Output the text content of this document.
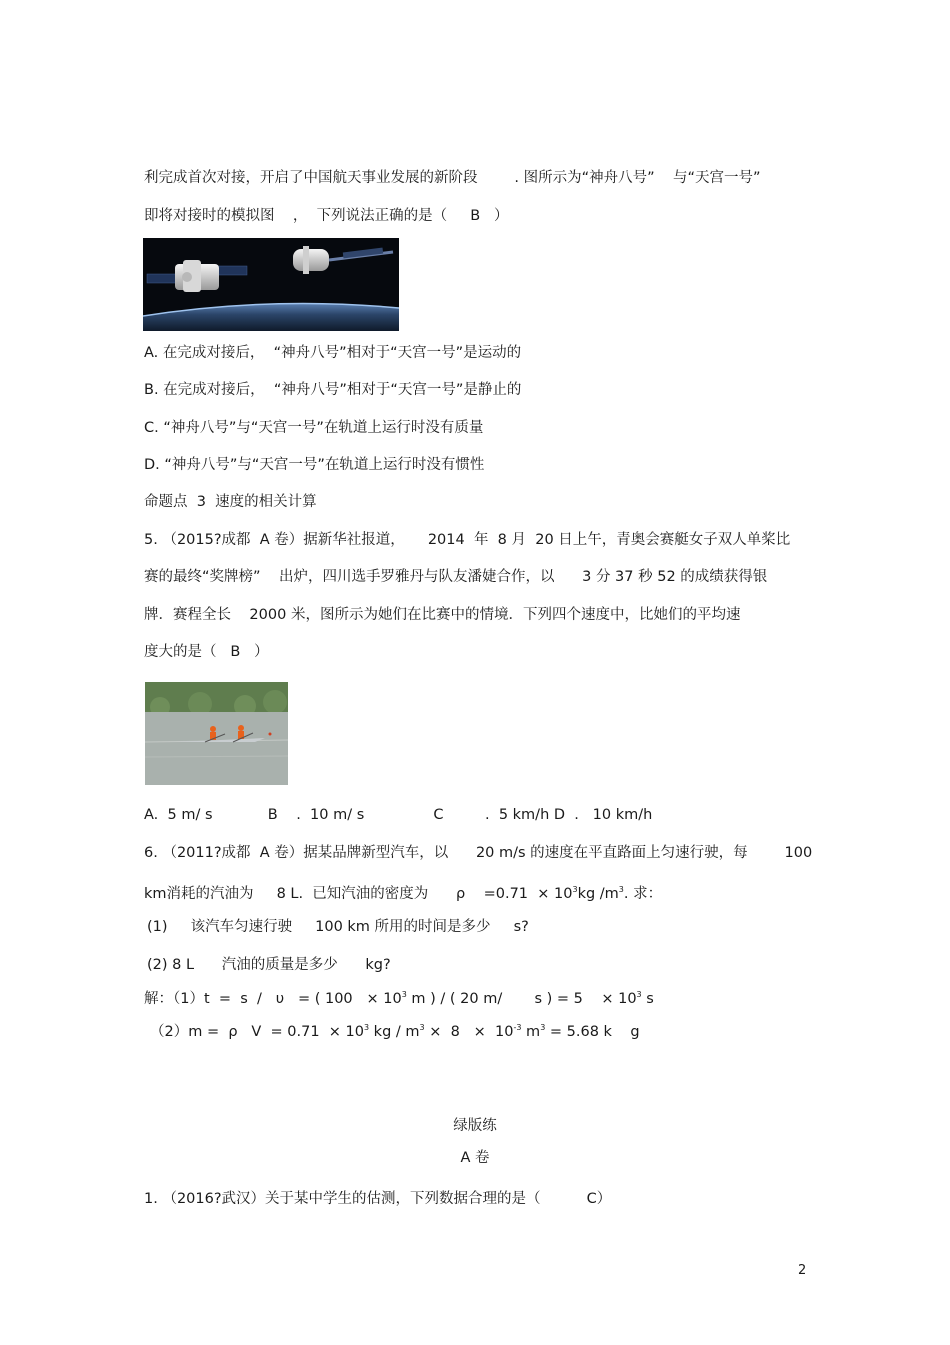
利完成首次对接，开启了中国航天事业发展的新阶段        . 图所示为“神舟八号”    与“天宫一号”
即将对接时的模拟图    ，  下列说法正确的是（     B   ）
A. 在完成对接后，  “神舟八号”相对于“天宫一号”是运动的
B. 在完成对接后，  “神舟八号”相对于“天宫一号”是静止的
C. “神舟八号”与“天宫一号”在轨道上运行时没有质量
D. “神舟八号”与“天宫一号”在轨道上运行时没有惯性
命题点  3  速度的相关计算
5. （2015?成都  A 卷）据新华社报道，     2014  年  8 月  20 日上午，青奥会赛艇女子双人单桨比
赛的最终“奖牌榜”    出炉，四川选手罗雅丹与队友潘婕合作，以      3 分 37 秒 52 的成绩获得银
牌．赛程全长    2000 米，图所示为她们在比赛中的情境．下列四个速度中，比她们的平均速
度大的是（   B   ）
A.  5 m/ s            B    .  10 m/ s               C         .  5 km/h D  .   10 km/h
6. （2011?成都  A 卷）据某品牌新型汽车，以      20 m/s 的速度在平直路面上匀速行驶，每        100
km消耗的汽油为     8 L.  已知汽油的密度为      ρ    $=0.71 \times 10^3kg$ $/m^3$. 求：
(1)     该汽车匀速行驶     100 km 所用的时间是多少     s?
(2) 8 L      汽油的质量是多少      kg?
解：（1）t  =  s  /   υ   = ( $100 \times 10^3$ m ) / ( 20 m/       s ) = 5    × $10^3$ s
（2）m =  ρ   $V = 0.71 \times 10^3$ kg / $m^3 \times 8 \times 10^{-3}$ $m^3 = 5.68$ k    g
绿版练
A 卷
1. （2016?武汉）关于某中学生的估测，下列数据合理的是（          C）
2
